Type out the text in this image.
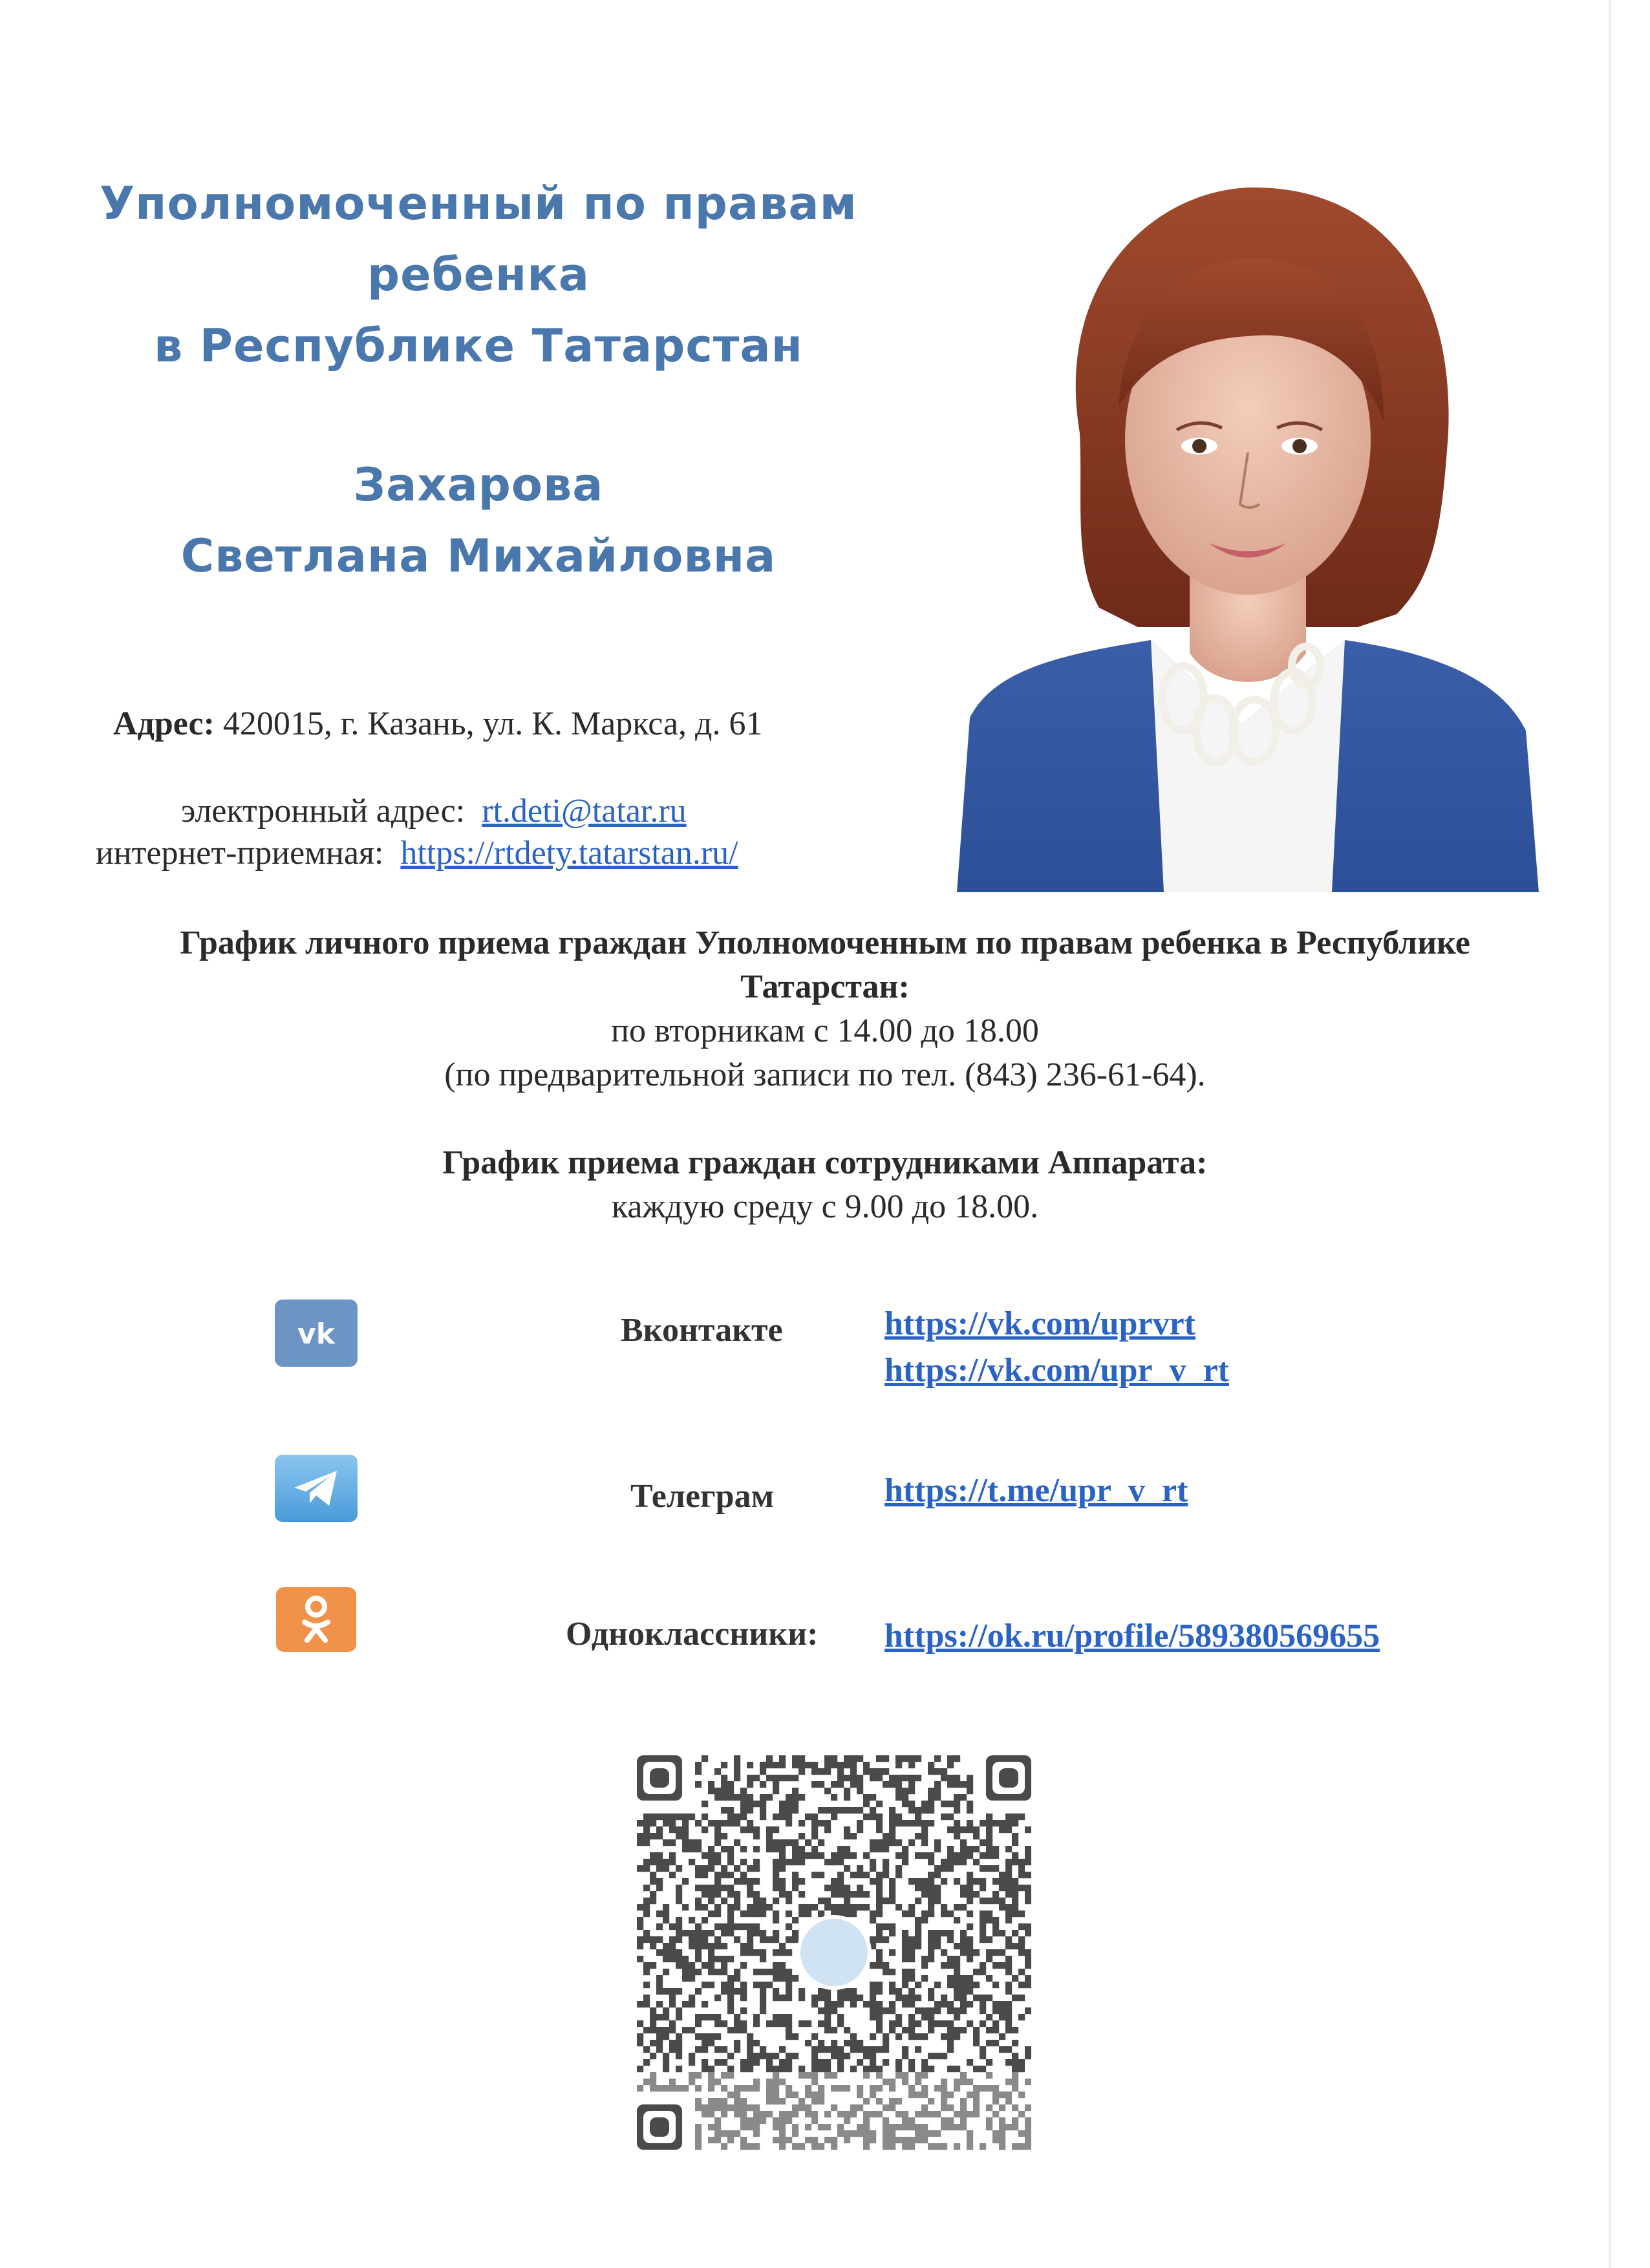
Уполномоченный по правам
ребенка
в Республике Татарстан
Захарова
Светлана Михайловна
Адрес: 420015, г. Казань, ул. К. Маркса, д. 61
электронный адрес: rt.deti@tatar.ru
интернет-приемная: https://rtdety.tatarstan.ru/
График личного приема граждан Уполномоченным по правам ребенка в Республике
Татарстан:
по вторникам с 14.00 до 18.00
(по предварительной записи по тел. (843) 236-61-64).
График приема граждан сотрудниками Аппарата:
каждую среду с 9.00 до 18.00.
vk	Вконтакте	https://vk.com/uprvrt
https://vk.com/upr_v_rt
Телеграм	https://t.me/upr_v_rt
Одноклассники: https://ok.ru/profile/589380569655
